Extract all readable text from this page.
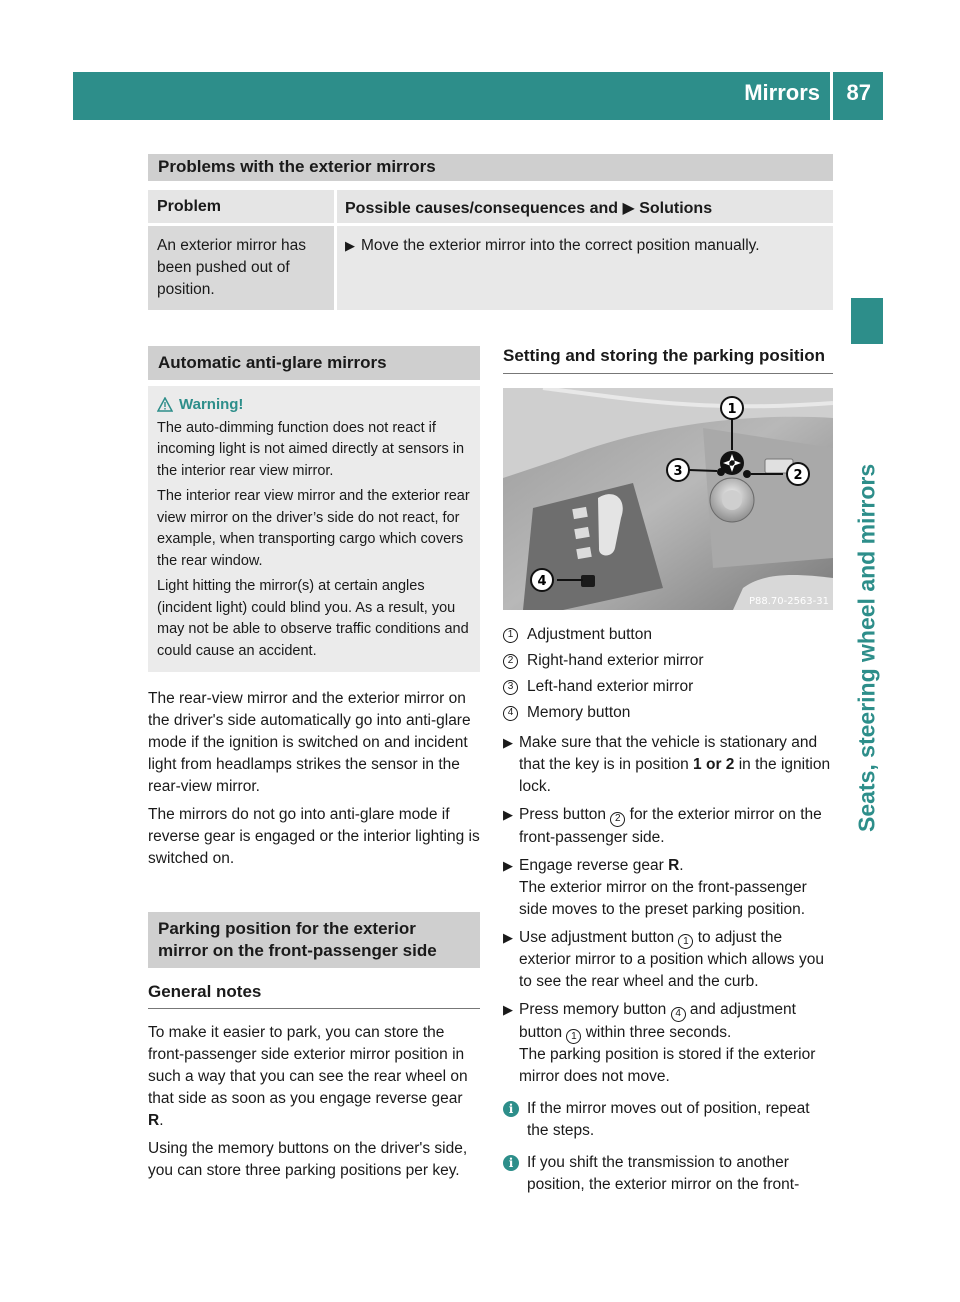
Mirrors 87
Seats, steering wheel and mirrors
Problems with the exterior mirrors
Problem	Possible causes/consequences and ▶ Solutions
An exterior mirror has been pushed out of position.
▶ Move the exterior mirror into the correct position manually.
Automatic anti-glare mirrors
Warning!

The auto-dimming function does not react if incoming light is not aimed directly at sensors in the interior rear view mirror.

The interior rear view mirror and the exterior rear view mirror on the driver’s side do not react, for example, when transporting cargo which covers the rear window.

Light hitting the mirror(s) at certain angles (incident light) could blind you. As a result, you may not be able to observe traffic conditions and could cause an accident.

The rear-view mirror and the exterior mirror on the driver's side automatically go into anti-glare mode if the ignition is switched on and incident light from headlamps strikes the sensor in the rear-view mirror.

The mirrors do not go into anti-glare mode if reverse gear is engaged or the interior lighting is switched on.

Parking position for the exterior mirror on the front-passenger side
General notes

To make it easier to park, you can store the front-passenger side exterior mirror position in such a way that you can see the rear wheel on that side as soon as you engage reverse gear R.

Using the memory buttons on the driver's side, you can store three parking positions per key.

Setting and storing the parking position
1
2
3
4
P88.70-2563-31
1 Adjustment button
2 Right-hand exterior mirror
3 Left-hand exterior mirror
4 Memory button
▶ Make sure that the vehicle is stationary and that the key is in position 1 or 2 in the ignition lock.
▶ Press button 2 for the exterior mirror on the front-passenger side.
▶ Engage reverse gear R.
The exterior mirror on the front-passenger side moves to the preset parking position.
▶ Use adjustment button 1 to adjust the exterior mirror to a position which allows you to see the rear wheel and the curb.
▶ Press memory button 4 and adjustment button 1 within three seconds.
The parking position is stored if the exterior mirror does not move.
i If the mirror moves out of position, repeat the steps.
i If you shift the transmission to another position, the exterior mirror on the front-
